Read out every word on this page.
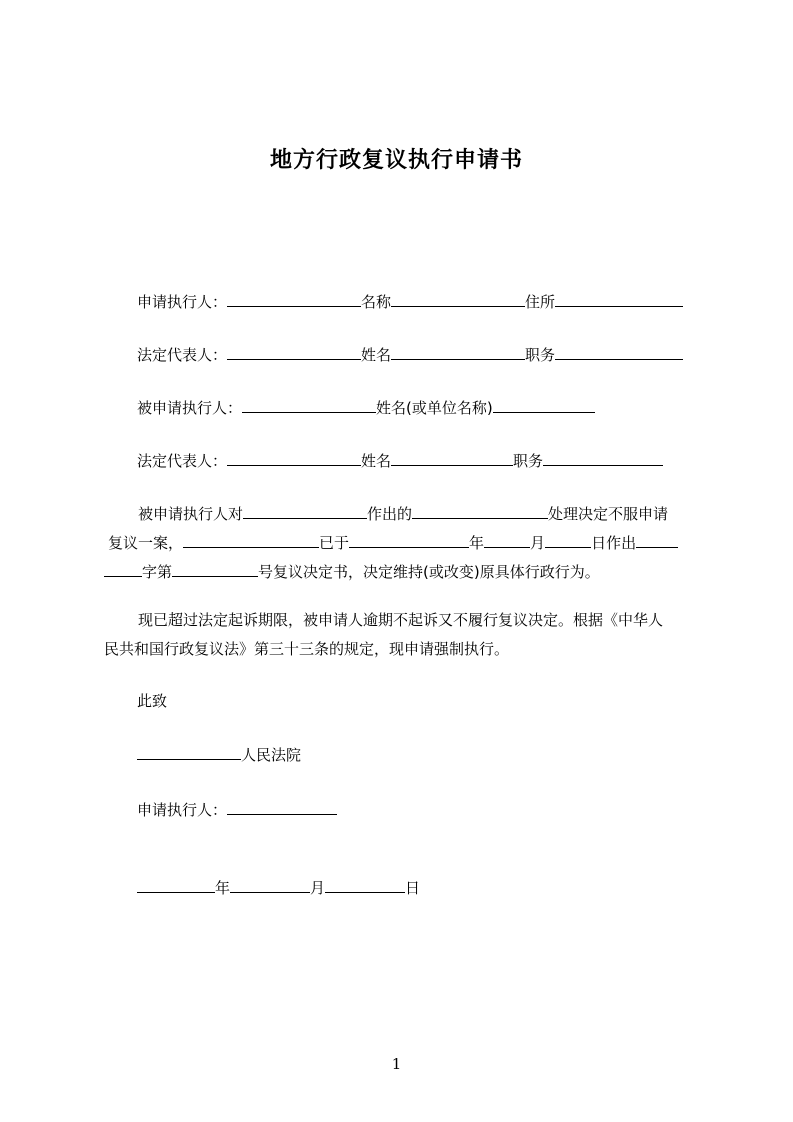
地方行政复议执行申请书
申请执行人：	名称	住所
法定代表人：	姓名	职务
被申请执行人：	姓名(或单位名称)
法定代表人：	姓名	职务
被申请执行人对	作出的	处理决定不服申请
复议一案，	已于	年	月	日作出
字第	号复议决定书，决定维持(或改变)原具体行政行为。
现已超过法定起诉期限，被申请人逾期不起诉又不履行复议决定。根据《中华人
民共和国行政复议法》第三十三条的规定，现申请强制执行。
此致
人民法院
申请执行人：
年	月	日
1
